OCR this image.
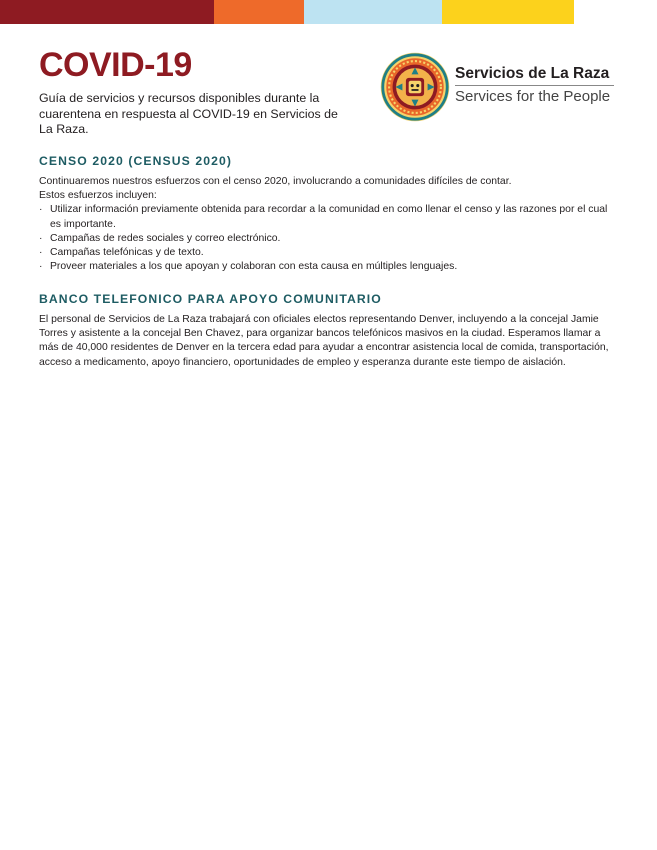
COVID-19

Guía de servicios y recursos disponibles durante la cuarentena en respuesta al COVID-19 en Servicios de La Raza.

Servicios de La Raza
Services for the People
CENSO 2020 (CENSUS 2020)

Continuaremos nuestros esfuerzos con el censo 2020, involucrando a comunidades difíciles de contar.

Estos esfuerzos incluyen:

· Utilizar información previamente obtenida para recordar a la comunidad en como llenar el censo y las razones por el cual es importante.
· Campañas de redes sociales y correo electrónico.
· Campañas telefónicas y de texto.
· Proveer materiales a los que apoyan y colaboran con esta causa en múltiples lenguajes.
BANCO TELEFONICO PARA APOYO COMUNITARIO

El personal de Servicios de La Raza trabajará con oficiales electos representando Denver, incluyendo a la concejal Jamie Torres y asistente a la concejal Ben Chavez, para organizar bancos telefónicos masivos en la ciudad. Esperamos llamar a más de 40,000 residentes de Denver en la tercera edad para ayudar a encontrar asistencia local de comida, transportación, acceso a medicamento, apoyo financiero, oportunidades de empleo y esperanza durante este tiempo de aislación.
